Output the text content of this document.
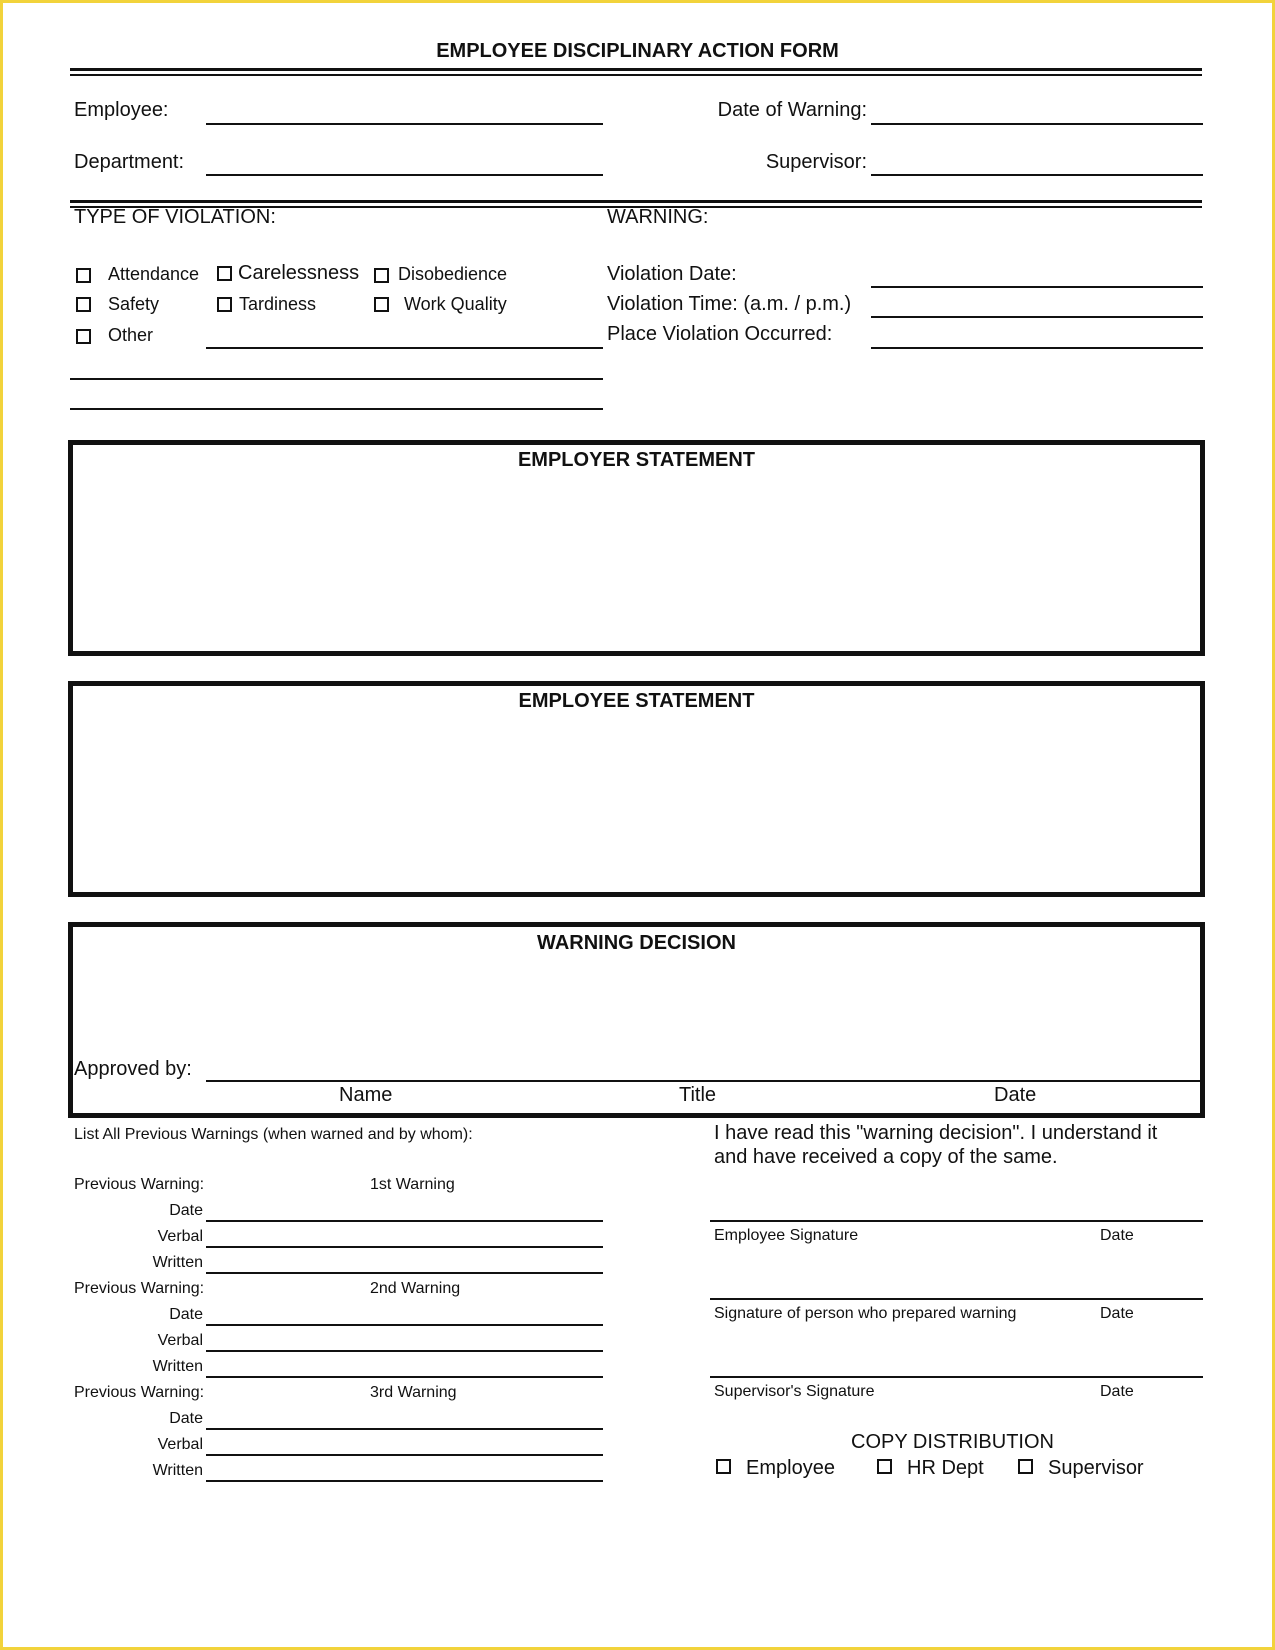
EMPLOYEE DISCIPLINARY ACTION FORM
Employee:	Date of Warning:
Department:	Supervisor:
TYPE OF VIOLATION:
Attendance Carelessness Disobedience
Safety	Tardiness	Work Quality
Other
WARNING:
Violation Date:
Violation Time: (a.m. / p.m.)
Place Violation Occurred:
EMPLOYER STATEMENT
EMPLOYEE STATEMENT
WARNING DECISION
Approved by:
Name	Title	Date
List All Previous Warnings (when warned and by whom):
Previous Warning:	1st Warning
Date
Verbal
Written
Previous Warning:	2nd Warning
Date
Verbal
Written
Previous Warning:	3rd Warning
Date
Verbal
Written
I have read this "warning decision". I understand it
and have received a copy of the same.
Employee Signature	Date
Signature of person who prepared warning	Date
Supervisor's Signature	Date
COPY DISTRIBUTION
Employee	HR Dept	Supervisor
